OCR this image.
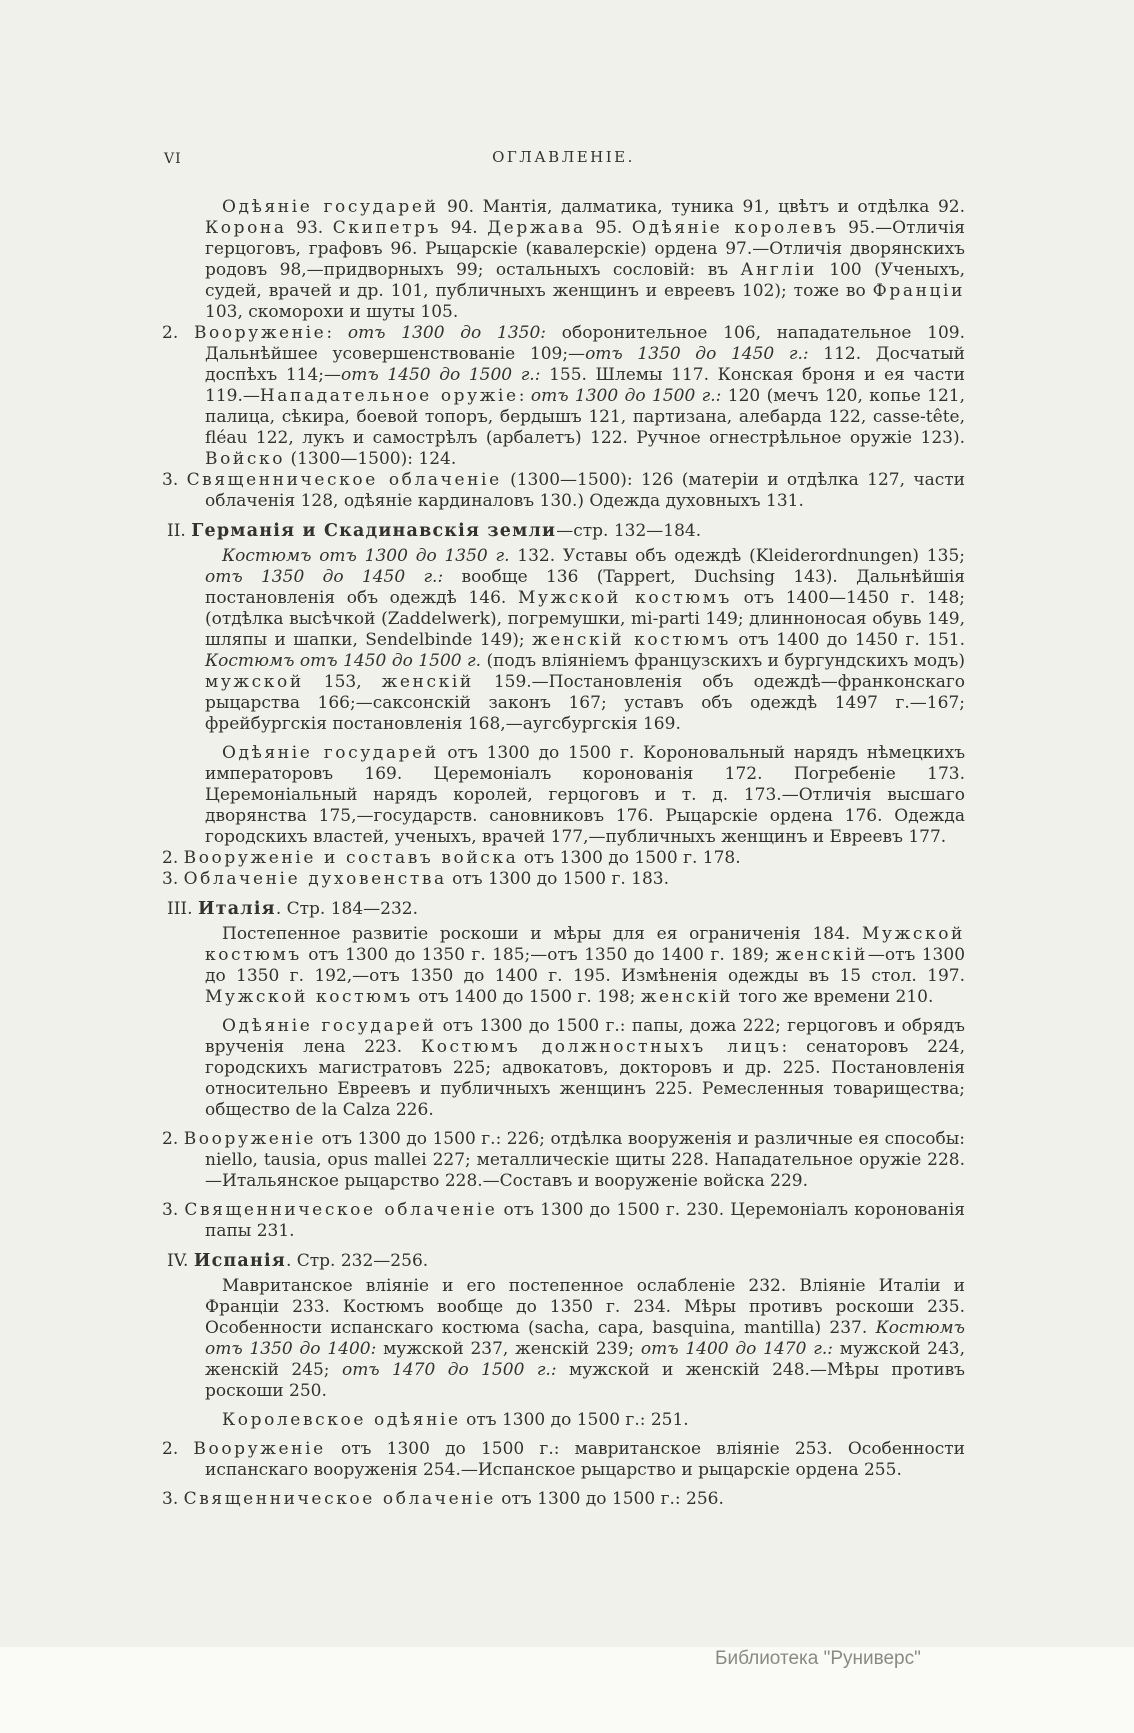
VI	ОГЛАВЛЕНІЕ.

Одѣяніе государей 90. Мантія, далматика, туника 91, цвѣтъ и отдѣлка 92. Корона 93. Скипетръ 94. Держава 95. Одѣяніе королевъ 95.—Отличія герцоговъ, графовъ 96. Рыцарскіе (кавалерскіе) ордена 97.—Отличія дворянскихъ родовъ 98,—придворныхъ 99; остальныхъ сословій: въ Англіи 100 (Ученыхъ, судей, врачей и др. 101, публичныхъ женщинъ и евреевъ 102); тоже во Франціи 103, скоморохи и шуты 105.

2. Вооруженіе: отъ 1300 до 1350: оборонительное 106, нападательное 109. Дальнѣйшее усовершенствованіе 109;—отъ 1350 до 1450 г.: 112. Досчатый доспѣхъ 114;—отъ 1450 до 1500 г.: 155. Шлемы 117. Конская броня и ея части 119.—Нападательное оружіе: отъ 1300 до 1500 г.: 120 (мечъ 120, копье 121, палица, сѣкира, боевой топоръ, бердышъ 121, партизана, алебарда 122, casse-tête, fléau 122, лукъ и самострѣлъ (арбалетъ) 122. Ручное огнестрѣльное оружіе 123). Войско (1300—1500): 124.

3. Священническое облаченіе (1300—1500): 126 (матеріи и отдѣлка 127, части облаченія 128, одѣяніе кардиналовъ 130.) Одежда духовныхъ 131.

II. Германія и Скадинавскія земли—стр. 132—184.

Костюмъ отъ 1300 до 1350 г. 132. Уставы объ одеждѣ (Kleiderordnungen) 135; отъ 1350 до 1450 г.: вообще 136 (Tappert, Duchsing 143). Дальнѣйшія постановленія объ одеждѣ 146. Мужской костюмъ отъ 1400—1450 г. 148; (отдѣлка высѣчкой (Zaddelwerk), погремушки, mi-parti 149; длинноносая обувь 149, шляпы и шапки, Sendelbinde 149); женскій костюмъ отъ 1400 до 1450 г. 151. Костюмъ отъ 1450 до 1500 г. (подъ вліяніемъ французскихъ и бургундскихъ модъ) мужской 153, женскій 159.—Постановленія объ одеждѣ—франконскаго рыцарства 166;—саксонскій законъ 167; уставъ объ одеждѣ 1497 г.—167; фрейбургскія постановленія 168,—аугсбургскія 169.

Одѣяніе государей отъ 1300 до 1500 г. Короновальный нарядъ нѣмецкихъ императоровъ 169. Церемоніалъ коронованія 172. Погребеніе 173. Церемоніальный нарядъ королей, герцоговъ и т. д. 173.—Отличія высшаго дворянства 175,—государств. сановниковъ 176. Рыцарскіе ордена 176. Одежда городскихъ властей, ученыхъ, врачей 177,—публичныхъ женщинъ и Евреевъ 177.

2. Вооруженіе и составъ войска отъ 1300 до 1500 г. 178.

3. Облаченіе духовенства отъ 1300 до 1500 г. 183.

III. Италія. Стр. 184—232.

Постепенное развитіе роскоши и мѣры для ея ограниченія 184. Мужской костюмъ отъ 1300 до 1350 г. 185;—отъ 1350 до 1400 г. 189; женскій—отъ 1300 до 1350 г. 192,—отъ 1350 до 1400 г. 195. Измѣненія одежды въ 15 стол. 197. Мужской костюмъ отъ 1400 до 1500 г. 198; женскій того же времени 210.

Одѣяніе государей отъ 1300 до 1500 г.: папы, дожа 222; герцоговъ и обрядъ врученія лена 223. Костюмъ должностныхъ лицъ: сенаторовъ 224, городскихъ магистратовъ 225; адвокатовъ, докторовъ и др. 225. Постановленія относительно Евреевъ и публичныхъ женщинъ 225. Ремесленныя товарищества; общество de la Calza 226.

2. Вооруженіе отъ 1300 до 1500 г.: 226; отдѣлка вооруженія и различные ея способы: niello, tausia, opus mallei 227; металлическіе щиты 228. Нападательное оружіе 228.—Итальянское рыцарство 228.—Составъ и вооруженіе войска 229.

3. Священническое облаченіе отъ 1300 до 1500 г. 230. Церемоніалъ коронованія папы 231.

IV. Испанія. Стр. 232—256.

Мавританское вліяніе и его постепенное ослабленіе 232. Вліяніе Италіи и Франціи 233. Костюмъ вообще до 1350 г. 234. Мѣры противъ роскоши 235. Особенности испанскаго костюма (sacha, capa, basquina, mantilla) 237. Костюмъ отъ 1350 до 1400: мужской 237, женскій 239; отъ 1400 до 1470 г.: мужской 243, женскій 245; отъ 1470 до 1500 г.: мужской и женскій 248.—Мѣры противъ роскоши 250.

Королевское одѣяніе отъ 1300 до 1500 г.: 251.

2. Вооруженіе отъ 1300 до 1500 г.: мавританское вліяніе 253. Особенности испанскаго вооруженія 254.—Испанское рыцарство и рыцарскіе ордена 255.

3. Священническое облаченіе отъ 1300 до 1500 г.: 256.

Библиотека "Руниверс"
